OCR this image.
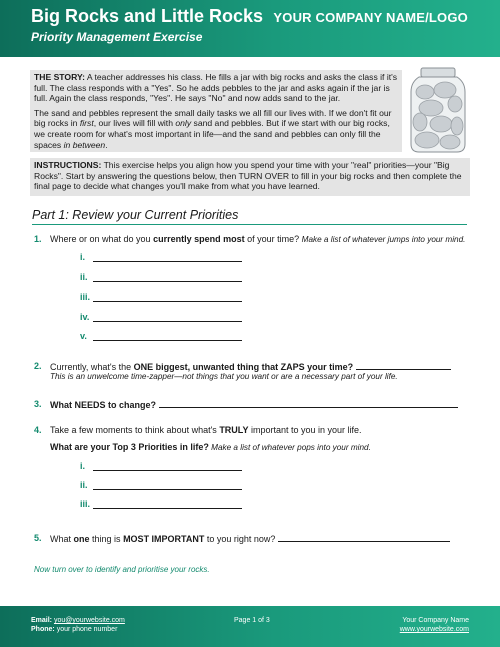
Big Rocks and Little Rocks
Priority Management Exercise
YOUR COMPANY NAME/LOGO

THE STORY: A teacher addresses his class. He fills a jar with big rocks and asks the class if it's full. The class responds with a "Yes". So he adds pebbles to the jar and asks again if the jar is full. Again the class responds, "Yes". He says "No" and now adds sand to the jar.

The sand and pebbles represent the small daily tasks we all fill our lives with. If we don't fit our big rocks in first, our lives will fill with only sand and pebbles. But if we start with our big rocks, we create room for what's most important in life—and the sand and pebbles can only fill the spaces in between.

INSTRUCTIONS: This exercise helps you align how you spend your time with your "real" priorities—your "Big Rocks". Start by answering the questions below, then TURN OVER to fill in your big rocks and then complete the final page to decide what changes you'll make from what you have learned.
Part 1: Review your Current Priorities
1. Where or on what do you currently spend most of your time? Make a list of whatever jumps into your mind.
i.
ii.
iii.
iv.
v.
2. Currently, what's the ONE biggest, unwanted thing that ZAPS your time?
This is an unwelcome time-zapper—not things that you want or are a necessary part of your life.
3. What NEEDS to change?
4. Take a few moments to think about what's TRULY important to you in your life.
What are your Top 3 Priorities in life? Make a list of whatever pops into your mind.
i.
ii.
iii.
5. What one thing is MOST IMPORTANT to you right now?
Now turn over to identify and prioritise your rocks.
Email: you@yourwebsite.com
Phone: your phone number
Page 1 of 3	Your Company Name
www.yourwebsite.com
